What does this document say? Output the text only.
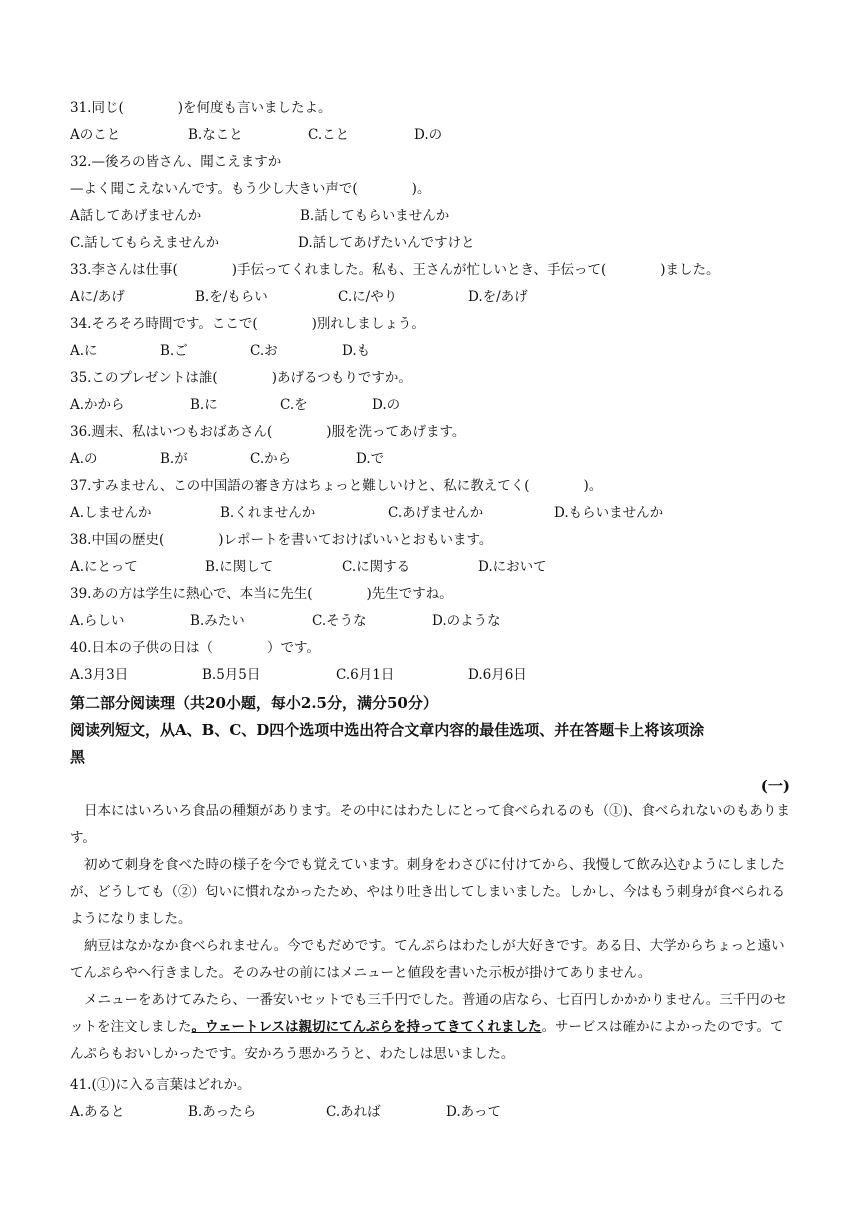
31.同じ(　　　　)を何度も言いましたよ。
Aのこと	B.なこと	C.こと	D.の
32.—後ろの皆さん、聞こえますか
—よく聞こえないんです。もう少し大きい声で(　　　　)。
A話してあげませんか	B.話してもらいませんか
C.話してもらえませんか	D.話してあげたいんですけと
33.李さんは仕事(　　　　)手伝ってくれました。私も、王さんが忙しいとき、手伝って(　　　　)ました。
Aに/あげ	B.を/もらい	C.に/やり	D.を/あげ
34.そろそろ時間です。ここで(　　　　)別れしましょう。
A.に	B.ご	C.お	D.も
35.このプレゼントは誰(　　　　)あげるつもりですか。
A.かから	B.に	C.を	D.の
36.週末、私はいつもおばあさん(　　　　)服を洗ってあげます。
A.の	B.が	C.から	D.で
37.すみません、この中国語の審き方はちょっと難しいけと、私に教えてく(　　　　)。
A.しませんか	B.くれませんか	C.あげませんか	D.もらいませんか
38.中国の歴史(　　　　)レポートを書いておけばいいとおもいます。
A.にとって	B.に関して	C.に関する	D.において
39.あの方は学生に熱心で、本当に先生(　　　　)先生ですね。
A.らしい	B.みたい	C.そうな	D.のような
40.日本の子供の日は（　　　　）です。
A.3月3日	B.5月5日	C.6月1日	D.6月6日
第二部分阅读理（共20小题，每小2.5分，满分50分）
阅读列短文，从A、B、C、D四个选项中选出符合文章内容的最佳选项、并在答题卡上将该项涂
黑
(一)
日本にはいろいろ食品の種類があります。その中にはわたしにとって食べられるのも（①)、食べられないのもあります。
初めて刺身を食べた時の様子を今でも覚えています。刺身をわさびに付けてから、我慢して飲み込むようにしましたが、どうしても（②）匂いに慣れなかったため、やはり吐き出してしまいました。しかし、今はもう刺身が食べられるようになりました。
納豆はなかなか食べられません。今でもだめです。てんぷらはわたしが大好きです。ある日、大学からちょっと遠いてんぷらやへ行きました。そのみせの前にはメニューと値段を書いた示板が掛けてありません。
メニューをあけてみたら、一番安いセットでも三千円でした。普通の店なら、七百円しかかかりません。三千円のセットを注文しました。ウェートレスは親切にてんぷらを持ってきてくれました。サービスは確かによかったのです。てんぷらもおいしかったです。安かろう悪かろうと、わたしは思いました。
41.(①)に入る言葉はどれか。
A.あると	B.あったら	C.あれば	D.あって
